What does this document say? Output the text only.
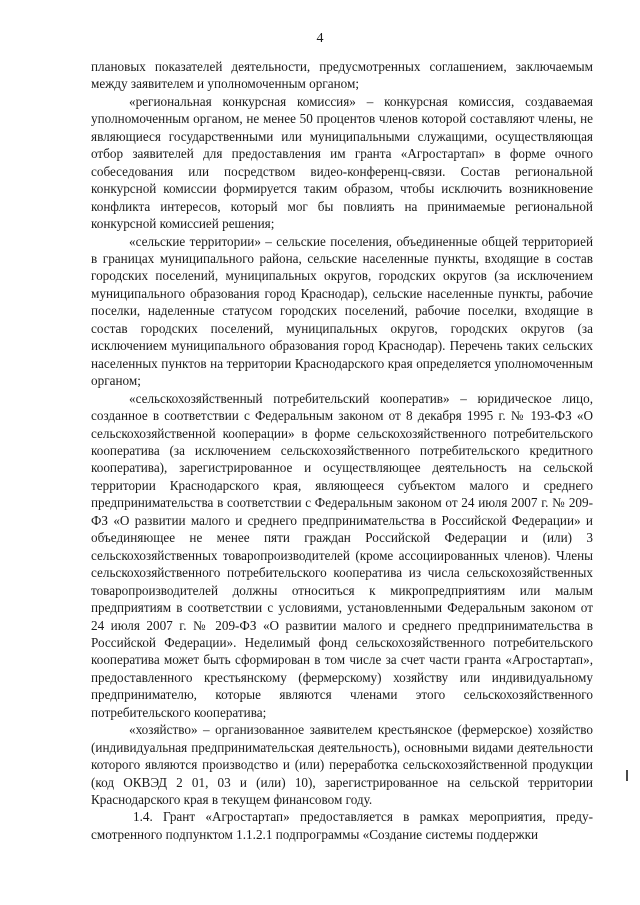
4

плановых показателей деятельности, предусмотренных соглашением, заключаемым между заявителем и уполномоченным органом;

«региональная конкурсная комиссия» – конкурсная комиссия, создаваемая уполномоченным органом, не менее 50 процентов членов которой составляют члены, не являющиеся государственными или муниципальными служащими, осуществляющая отбор заявителей для предоставления им гранта «Агростартап» в форме очного собеседования или посредством видео-конференц-связи. Состав региональной конкурсной комиссии формируется таким образом, чтобы исключить возникновение конфликта интересов, который мог бы повлиять на принимаемые региональной конкурсной комиссией решения;

«сельские территории» – сельские поселения, объединенные общей территорией в границах муниципального района, сельские населенные пункты, входящие в состав городских поселений, муниципальных округов, городских округов (за исключением муниципального образования город Краснодар), сельские населенные пункты, рабочие поселки, наделенные статусом городских поселений, рабочие поселки, входящие в состав городских поселений, муниципальных округов, городских округов (за исключением муниципального образования город Краснодар). Перечень таких сельских населенных пунктов на территории Краснодарского края определяется уполномоченным органом;

«сельскохозяйственный потребительский кооператив» – юридическое лицо, созданное в соответствии с Федеральным законом от 8 декабря 1995 г. № 193-ФЗ «О сельскохозяйственной кооперации» в форме сельскохозяйственного потребительского кооператива (за исключением сельскохозяйственного потребительского кредитного кооператива), зарегистрированное и осуществляющее деятельность на сельской территории Краснодарского края, являющееся субъектом малого и среднего предпринимательства в соответствии с Федеральным законом от 24 июля 2007 г. № 209-ФЗ «О развитии малого и среднего предпринимательства в Российской Федерации» и объединяющее не менее пяти граждан Российской Федерации и (или) 3 сельскохозяйственных товаропроизводителей (кроме ассоциированных членов). Члены сельскохозяйственного потребительского кооператива из числа сельскохозяйственных товаропроизводителей должны относиться к микропредприятиям или малым предприятиям в соответствии с условиями, установленными Федеральным законом от 24 июля 2007 г. № 209-ФЗ «О развитии малого и среднего предпринимательства в Российской Федерации». Неделимый фонд сельскохозяйственного потребительского кооператива может быть сформирован в том числе за счет части гранта «Агростартап», предоставленного крестьянскому (фермерскому) хозяйству или индивидуальному предпринимателю, которые являются членами этого сельскохозяйственного потребительского кооператива;

«хозяйство» – организованное заявителем крестьянское (фермерское) хозяйство (индивидуальная предпринимательская деятельность), основными видами деятельности которого являются производство и (или) переработка сельскохозяйственной продукции (код ОКВЭД 2 01, 03 и (или) 10), зарегистрированное на сельской территории Краснодарского края в текущем финансовом году.

1.4. Грант «Агростартап» предоставляется в рамках мероприятия, предусмотренного подпунктом 1.1.2.1 подпрограммы «Создание системы поддержки
